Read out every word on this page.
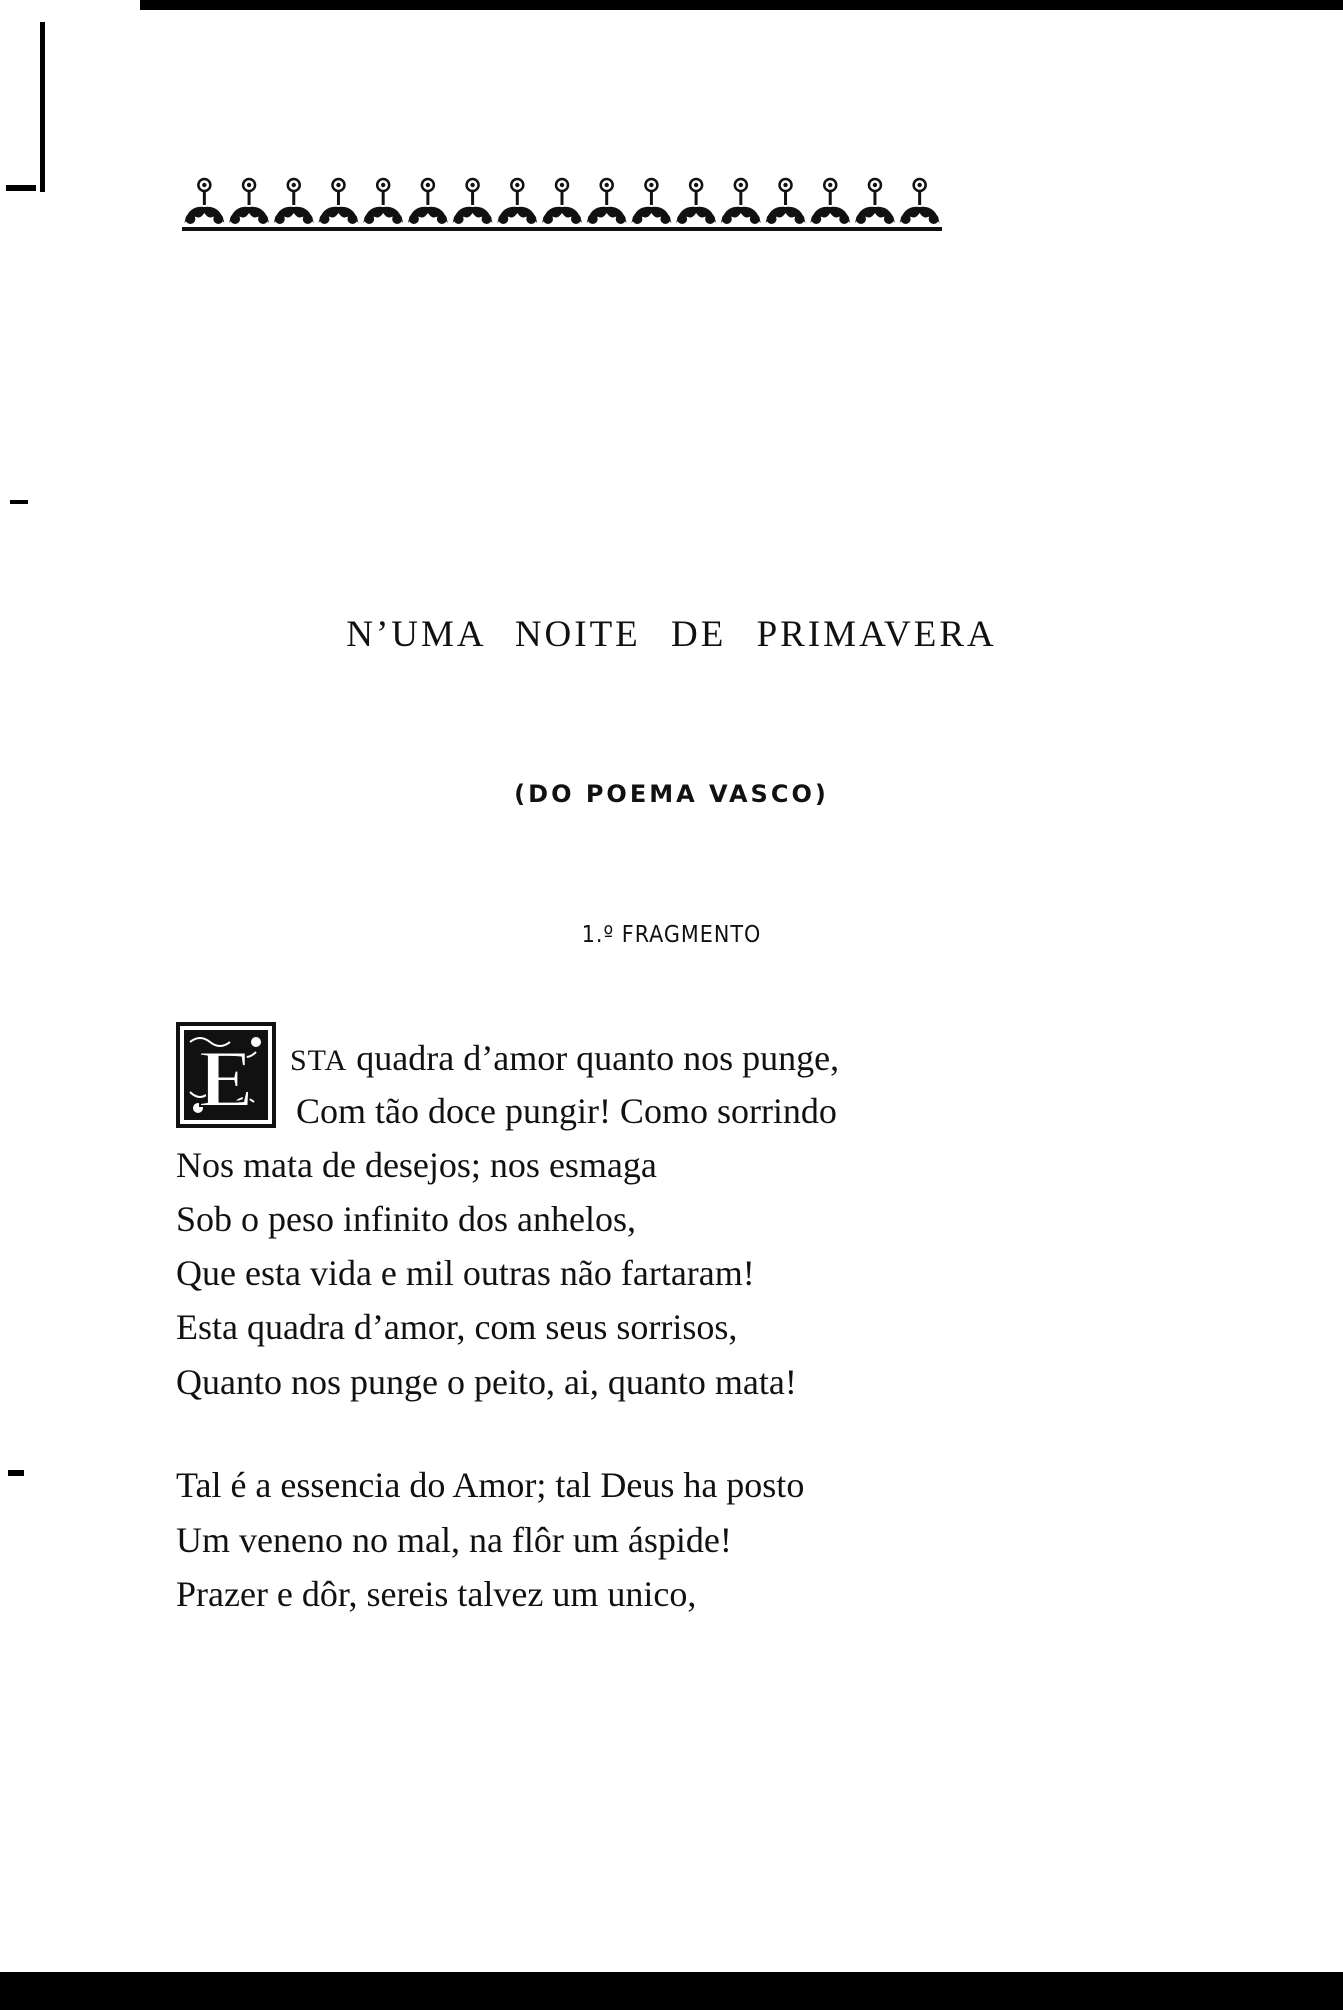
N’UMA NOITE DE PRIMAVERA
(DO POEMA VASCO)
1.º FRAGMENTO
E STA quadra d’amor quanto nos punge,
Com tão doce pungir! Como sorrindo
Nos mata de desejos; nos esmaga
Sob o peso infinito dos anhelos,
Que esta vida e mil outras não fartaram!
Esta quadra d’amor, com seus sorrisos,
Quanto nos punge o peito, ai, quanto mata!
Tal é a essencia do Amor; tal Deus ha posto
Um veneno no mal, na flôr um áspide!
Prazer e dôr, sereis talvez um unico,
